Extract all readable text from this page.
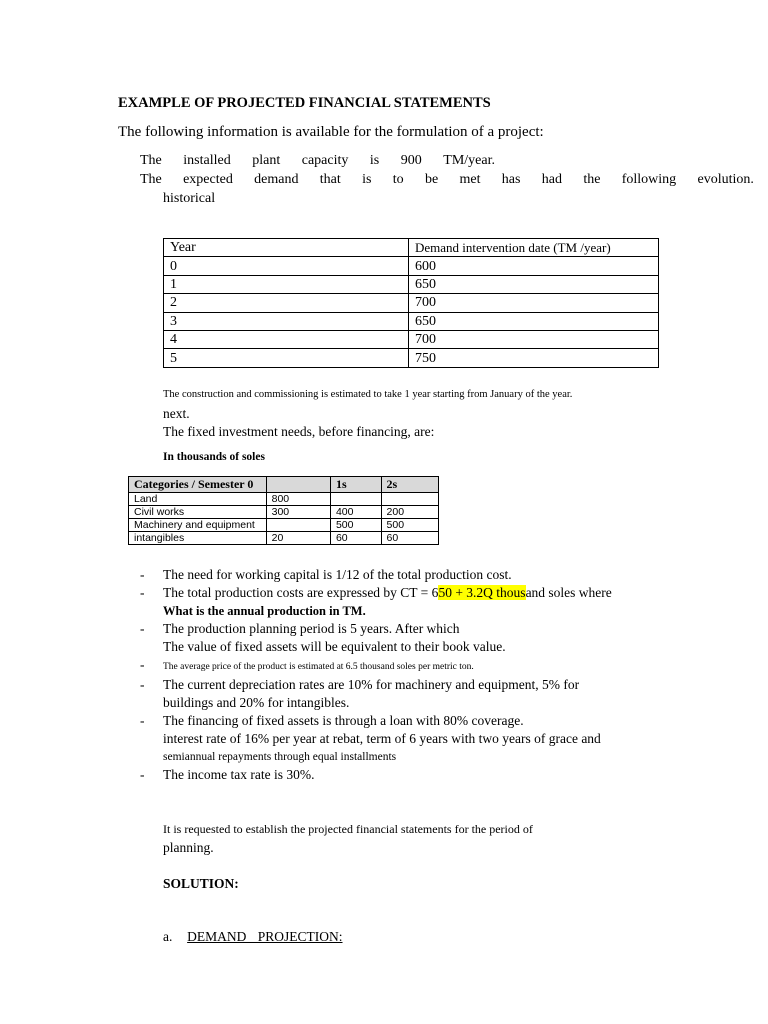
EXAMPLE OF PROJECTED FINANCIAL STATEMENTS
The following information is available for the formulation of a project:
The installed plant capacity is 900 TM/year.
The expected demand that is to be met has had the following evolution.
historical
Year	Demand intervention date (TM /year)
0	600
1	650
2	700
3	650
4	700
5	750
The construction and commissioning is estimated to take 1 year starting from January of the year.
next.
The fixed investment needs, before financing, are:
In thousands of soles
Categories / Semester 0		1s	2s
Land	800		
Civil works	300	400	200
Machinery and equipment		500	500
intangibles	20	60	60
- The need for working capital is 1/12 of the total production cost.
- The total production costs are expressed by CT = 650 + 3.2Q thousand soles where
What is the annual production in TM.
- The production planning period is 5 years. After which
The value of fixed assets will be equivalent to their book value.
- The average price of the product is estimated at 6.5 thousand soles per metric ton.
- The current depreciation rates are 10% for machinery and equipment, 5% for
buildings and 20% for intangibles.
- The financing of fixed assets is through a loan with 80% coverage.
interest rate of 16% per year at rebat, term of 6 years with two years of grace and
semiannual repayments through equal installments
- The income tax rate is 30%.
It is requested to establish the projected financial statements for the period of
planning.
SOLUTION:
a. DEMAND PROJECTION:
